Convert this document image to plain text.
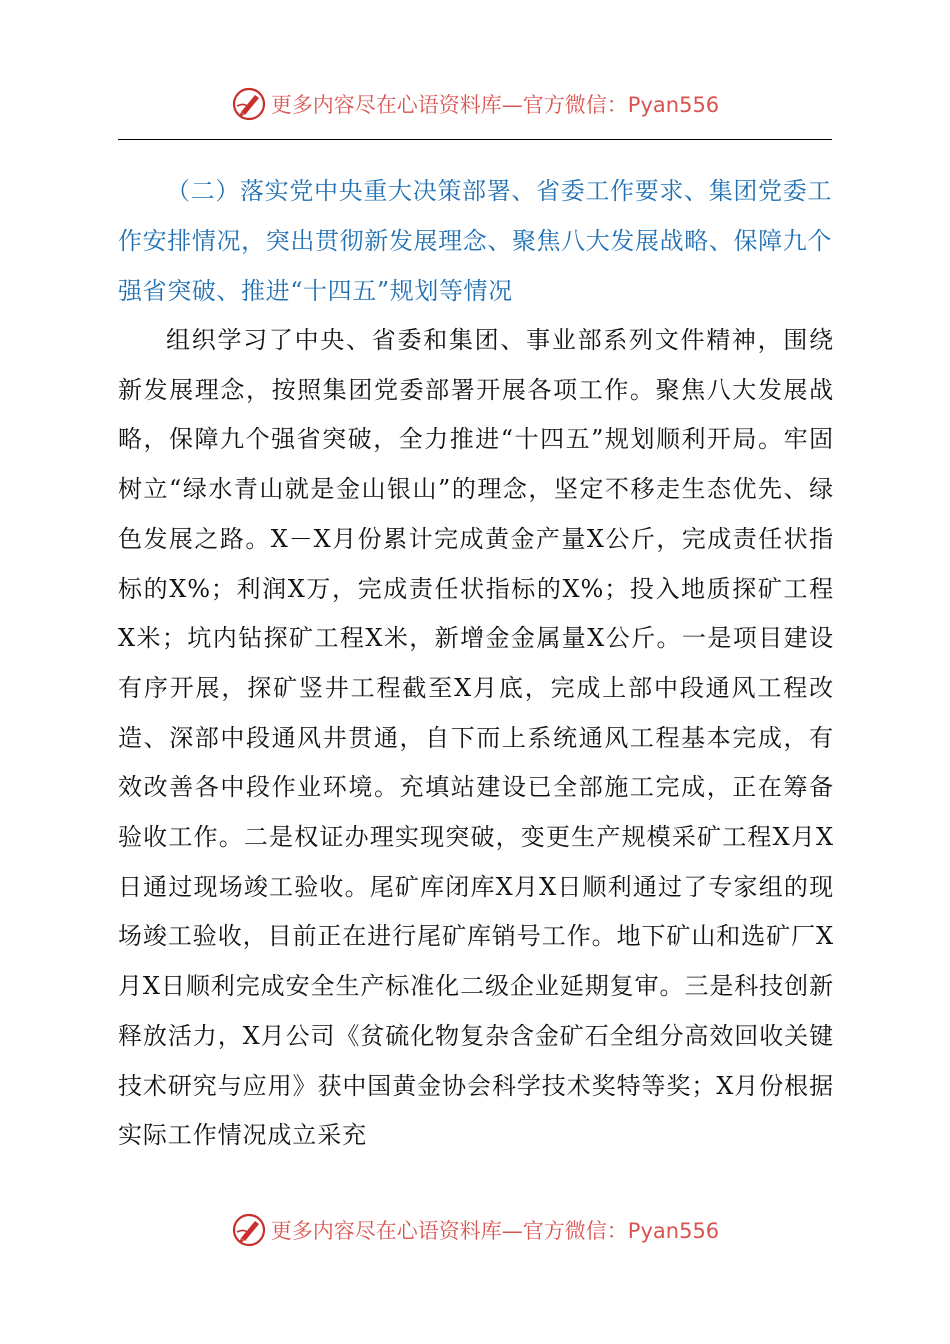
更多内容尽在心语资料库—官方微信：Pyan556

（二）落实党中央重大决策部署、省委工作要求、集团党委工作安排情况，突出贯彻新发展理念、聚焦八大发展战略、保障九个强省突破、推进“十四五”规划等情况

组织学习了中央、省委和集团、事业部系列文件精神，围绕新发展理念，按照集团党委部署开展各项工作。聚焦八大发展战略，保障九个强省突破，全力推进“十四五”规划顺利开局。牢固树立“绿水青山就是金山银山”的理念，坚定不移走生态优先、绿色发展之路。X－X月份累计完成黄金产量X公斤，完成责任状指标的X%；利润X万，完成责任状指标的X%；投入地质探矿工程X米；坑内钻探矿工程X米，新增金金属量X公斤。一是项目建设有序开展，探矿竖井工程截至X月底，完成上部中段通风工程改造、深部中段通风井贯通，自下而上系统通风工程基本完成，有效改善各中段作业环境。充填站建设已全部施工完成，正在筹备验收工作。二是权证办理实现突破，变更生产规模采矿工程X月X日通过现场竣工验收。尾矿库闭库X月X日顺利通过了专家组的现场竣工验收，目前正在进行尾矿库销号工作。地下矿山和选矿厂X月X日顺利完成安全生产标准化二级企业延期复审。三是科技创新释放活力，X月公司《贫硫化物复杂含金矿石全组分高效回收关键技术研究与应用》获中国黄金协会科学技术奖特等奖；X月份根据实际工作情况成立采充

更多内容尽在心语资料库—官方微信：Pyan556
